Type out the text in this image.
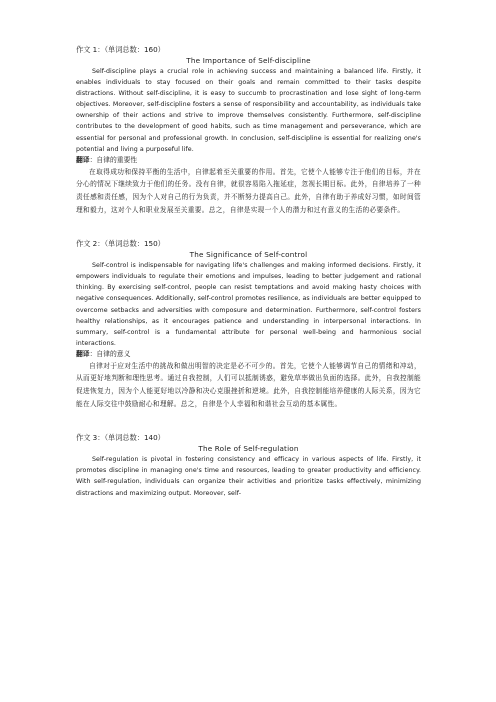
作文 1：（单词总数：160）

The Importance of Self-discipline

Self-discipline plays a crucial role in achieving success and maintaining a balanced life. Firstly, it enables individuals to stay focused on their goals and remain committed to their tasks despite distractions. Without self-discipline, it is easy to succumb to procrastination and lose sight of long-term objectives. Moreover, self-discipline fosters a sense of responsibility and accountability, as individuals take ownership of their actions and strive to improve themselves consistently. Furthermore, self-discipline contributes to the development of good habits, such as time management and perseverance, which are essential for personal and professional growth. In conclusion, self-discipline is essential for realizing one's potential and living a purposeful life.

翻译：自律的重要性

在取得成功和保持平衡的生活中，自律起着至关重要的作用。首先，它使个人能够专注于他们的目标，并在分心的情况下继续致力于他们的任务。没有自律，就很容易陷入拖延症，忽视长期目标。此外，自律培养了一种责任感和责任感，因为个人对自己的行为负责，并不断努力提高自己。此外，自律有助于养成好习惯，如时间管理和毅力，这对个人和职业发展至关重要。总之，自律是实现一个人的潜力和过有意义的生活的必要条件。

作文 2：（单词总数：150）

The Significance of Self-control

Self-control is indispensable for navigating life's challenges and making informed decisions. Firstly, it empowers individuals to regulate their emotions and impulses, leading to better judgement and rational thinking. By exercising self-control, people can resist temptations and avoid making hasty choices with negative consequences. Additionally, self-control promotes resilience, as individuals are better equipped to overcome setbacks and adversities with composure and determination. Furthermore, self-control fosters healthy relationships, as it encourages patience and understanding in interpersonal interactions. In summary, self-control is a fundamental attribute for personal well-being and harmonious social interactions.

翻译：自律的意义

自律对于应对生活中的挑战和做出明智的决定是必不可少的。首先，它使个人能够调节自己的情绪和冲动，从而更好地判断和理性思考。通过自我控制，人们可以抵制诱惑，避免草率做出负面的选择。此外，自我控制能促进恢复力，因为个人能更好地以冷静和决心克服挫折和逆境。此外，自我控制能培养健康的人际关系，因为它能在人际交往中鼓励耐心和理解。总之，自律是个人幸福和和谐社会互动的基本属性。

作文 3：（单词总数：140）

The Role of Self-regulation

Self-regulation is pivotal in fostering consistency and efficacy in various aspects of life. Firstly, it promotes discipline in managing one's time and resources, leading to greater productivity and efficiency. With self-regulation, individuals can organize their activities and prioritize tasks effectively, minimizing distractions and maximizing output. Moreover, self-
